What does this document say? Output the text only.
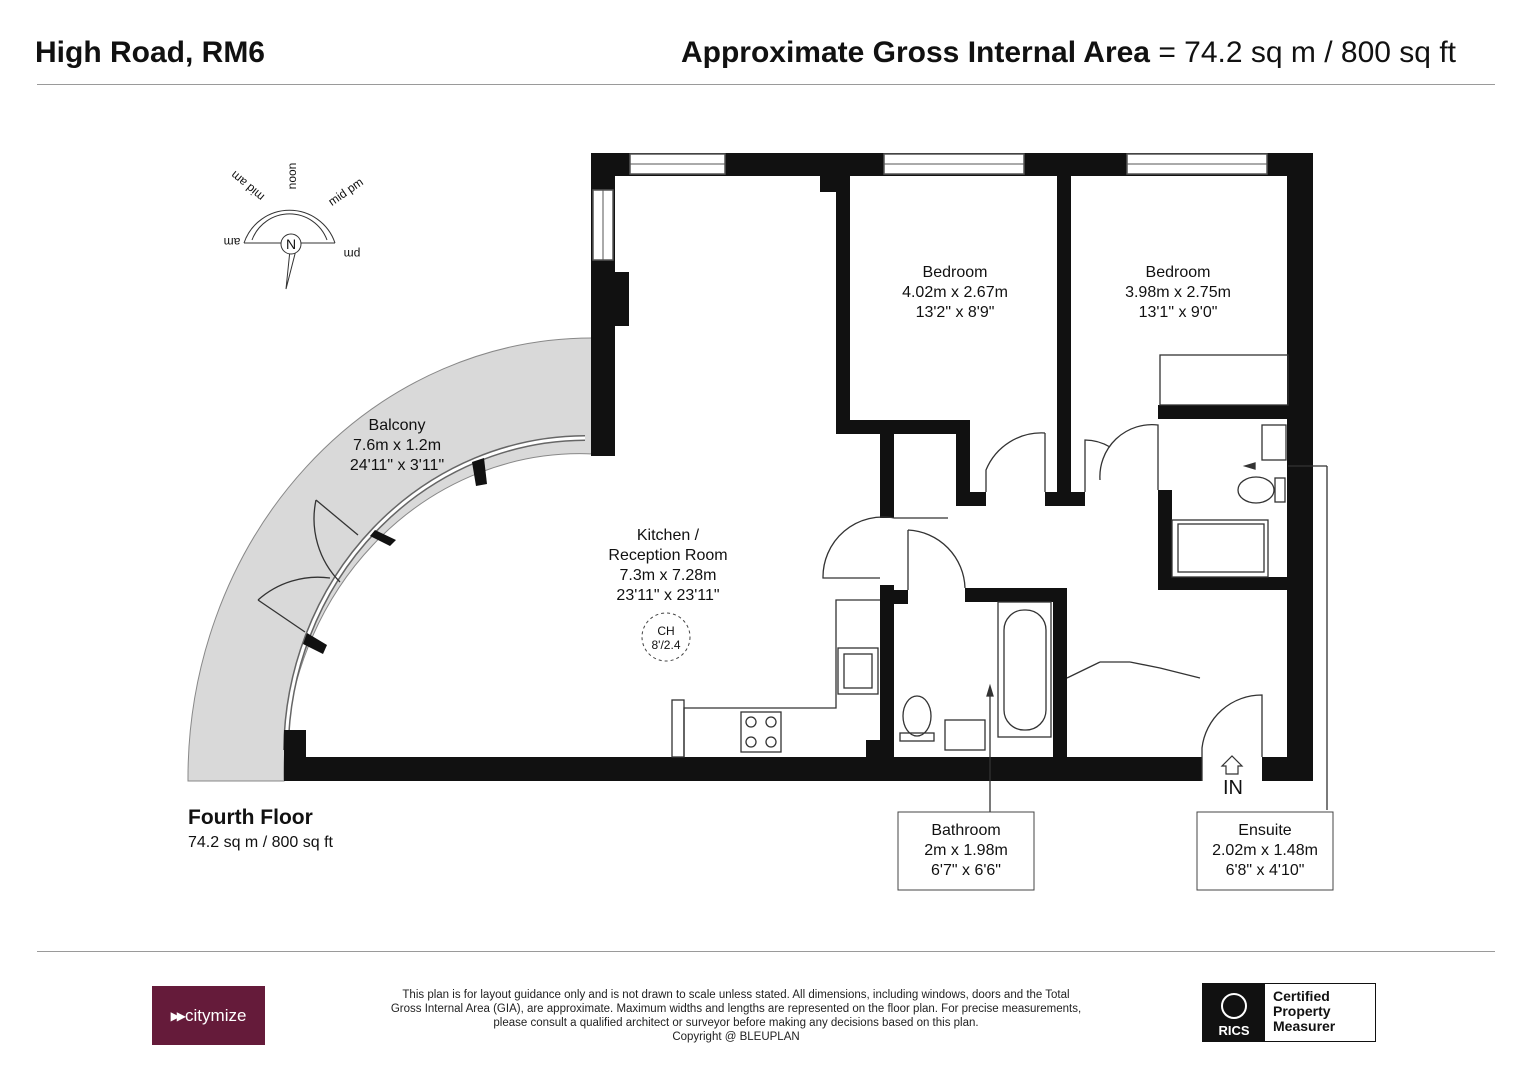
High Road, RM6	Approximate Gross Internal Area = 74.2 sq m / 800 sq ft
am
mid am noon mid pm
pm
N
Bedroom
4.02m x 2.67m
13'2" x 8'9"
Bedroom
3.98m x 2.75m
13'1" x 9'0"
Balcony
7.6m x 1.2m
24'11" x 3'11"
Kitchen /
Reception Room
7.3m x 7.28m
23'11" x 23'11"
CH
8'/2.4
Bathroom
2m x 1.98m
6'7" x 6'6"
Ensuite
2.02m x 1.48m
6'8" x 4'10"
IN
Fourth Floor
74.2 sq m / 800 sq ft
▶▶ citymize
This plan is for layout guidance only and is not drawn to scale unless stated. All dimensions, including windows, doors and the Total
Gross Internal Area (GIA), are approximate. Maximum widths and lengths are represented on the floor plan. For precise measurements,
please consult a qualified architect or surveyor before making any decisions based on this plan.
Copyright @ BLEUPLAN	RICS
Certified
Property
Measurer
